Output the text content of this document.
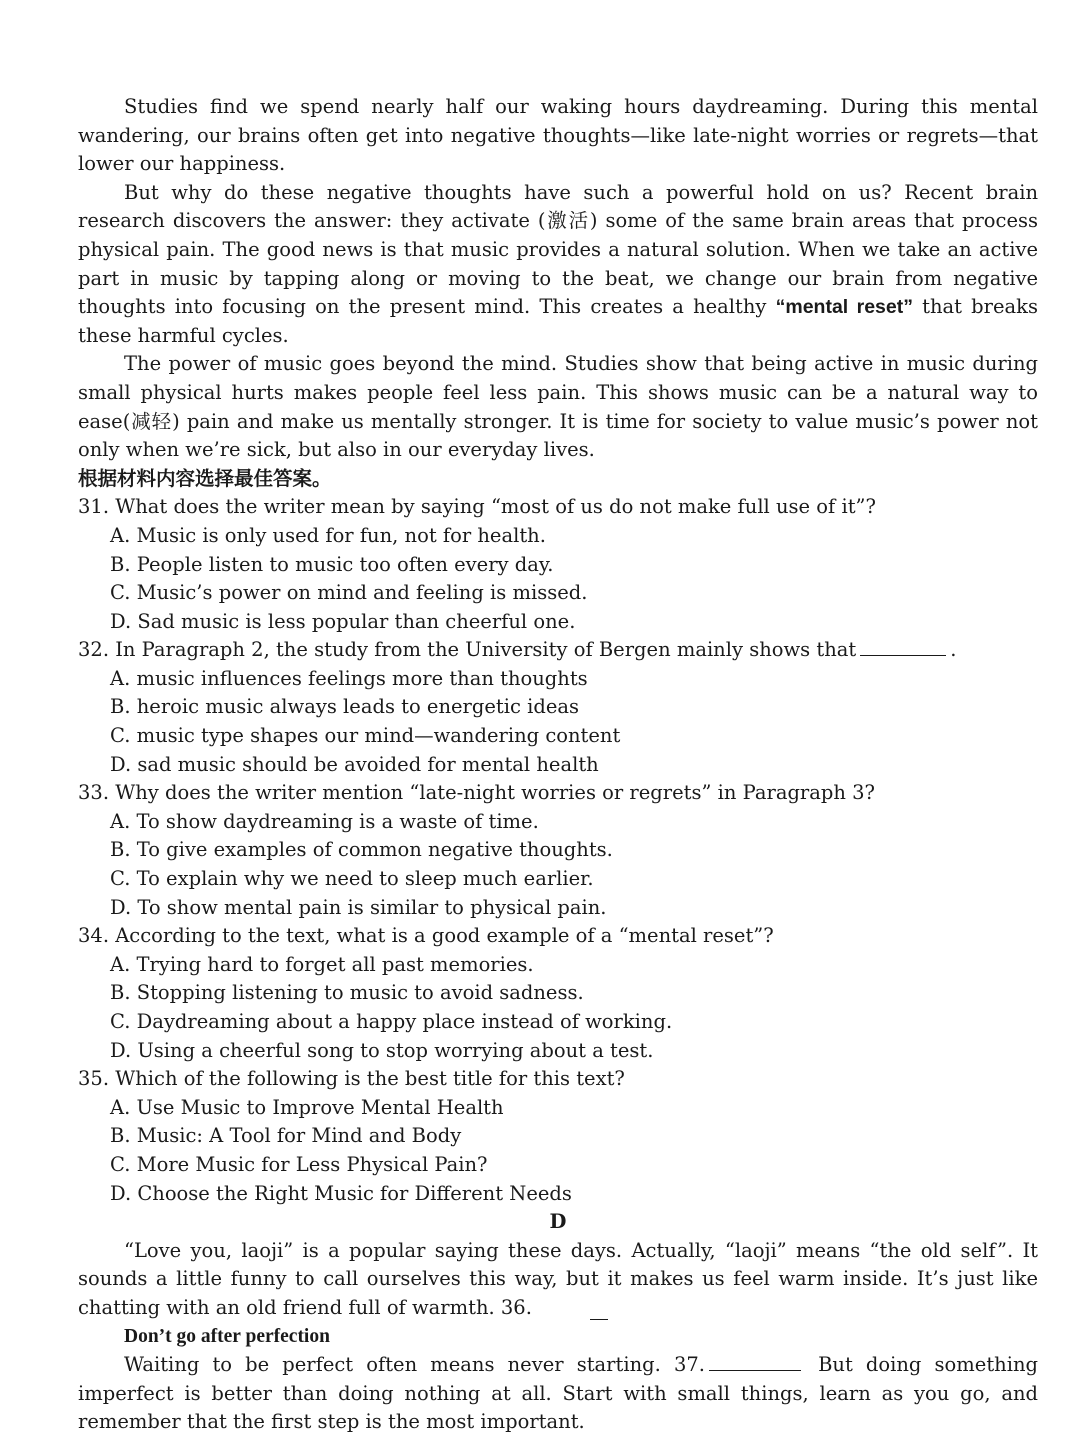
Studies find we spend nearly half our waking hours daydreaming. During this mental wandering, our brains often get into negative thoughts—like late-night worries or regrets—that lower our happiness.

But why do these negative thoughts have such a powerful hold on us? Recent brain research discovers the answer: they activate (激活) some of the same brain areas that process physical pain. The good news is that music provides a natural solution. When we take an active part in music by tapping along or moving to the beat, we change our brain from negative thoughts into focusing on the present mind. This creates a healthy “mental reset” that breaks these harmful cycles.

The power of music goes beyond the mind. Studies show that being active in music during small physical hurts makes people feel less pain. This shows music can be a natural way to ease(减轻) pain and make us mentally stronger. It is time for society to value music’s power not only when we’re sick, but also in our everyday lives.

根据材料内容选择最佳答案。

31. What does the writer mean by saying “most of us do not make full use of it”?

A. Music is only used for fun, not for health.

B. People listen to music too often every day.

C. Music’s power on mind and feeling is missed.

D. Sad music is less popular than cheerful one.

32. In Paragraph 2, the study from the University of Bergen mainly shows that	.

A. music influences feelings more than thoughts

B. heroic music always leads to energetic ideas

C. music type shapes our mind—wandering content

D. sad music should be avoided for mental health

33. Why does the writer mention “late-night worries or regrets” in Paragraph 3?

A. To show daydreaming is a waste of time.

B. To give examples of common negative thoughts.

C. To explain why we need to sleep much earlier.

D. To show mental pain is similar to physical pain.

34. According to the text, what is a good example of a “mental reset”?

A. Trying hard to forget all past memories.

B. Stopping listening to music to avoid sadness.

C. Daydreaming about a happy place instead of working.

D. Using a cheerful song to stop worrying about a test.

35. Which of the following is the best title for this text?

A. Use Music to Improve Mental Health

B. Music: A Tool for Mind and Body

C. More Music for Less Physical Pain?

D. Choose the Right Music for Different Needs

D

“Love you, laoji” is a popular saying these days. Actually, “laoji” means “the old self”. It sounds a little funny to call ourselves this way, but it makes us feel warm inside. It’s just like chatting with an old friend full of warmth. 36.

Don’t go after perfection

Waiting to be perfect often means never starting. 37.	But doing something imperfect is better than doing nothing at all. Start with small things, learn as you go, and remember that the first step is the most important.
